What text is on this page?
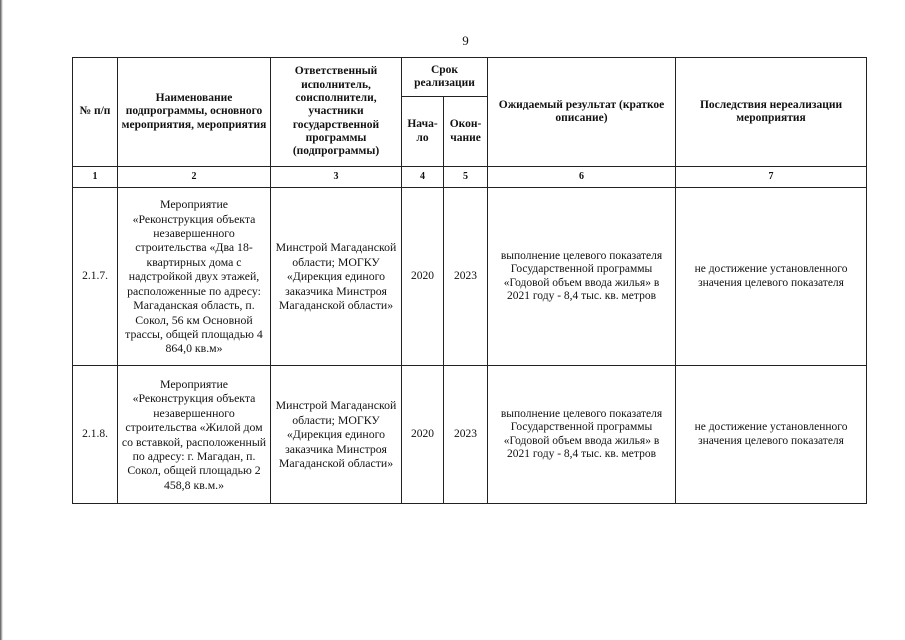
9
№ п/п	Наименование подпрограммы, основного мероприятия, мероприятия	Ответственный исполнитель, соисполнители, участники государственной программы (подпрограммы)	Срок реализации		Ожидаемый результат (краткое описание)	Последствия нереализации мероприятия
			Нача- ло	Окон- чание		
1	2	3	4	5	6	7
2.1.7.	Мероприятие «Реконструкция объекта незавершенного строительства «Два 18-квартирных дома с надстройкой двух этажей, расположенные по адресу: Магаданская область, п. Сокол, 56 км Основной трассы, общей площадью 4 864,0 кв.м»	Минстрой Магаданской области; МОГКУ «Дирекция единого заказчика Минстроя Магаданской области»	2020	2023	выполнение целевого показателя Государственной программы «Годовой объем ввода жилья» в 2021 году - 8,4 тыс. кв. метров	не достижение установленного значения целевого показателя
2.1.8.	Мероприятие «Реконструкция объекта незавершенного строительства «Жилой дом со вставкой, расположенный по адресу: г. Магадан, п. Сокол, общей площадью 2 458,8 кв.м.»	Минстрой Магаданской области; МОГКУ «Дирекция единого заказчика Минстроя Магаданской области»	2020	2023	выполнение целевого показателя Государственной программы «Годовой объем ввода жилья» в 2021 году - 8,4 тыс. кв. метров	не достижение установленного значения целевого показателя
